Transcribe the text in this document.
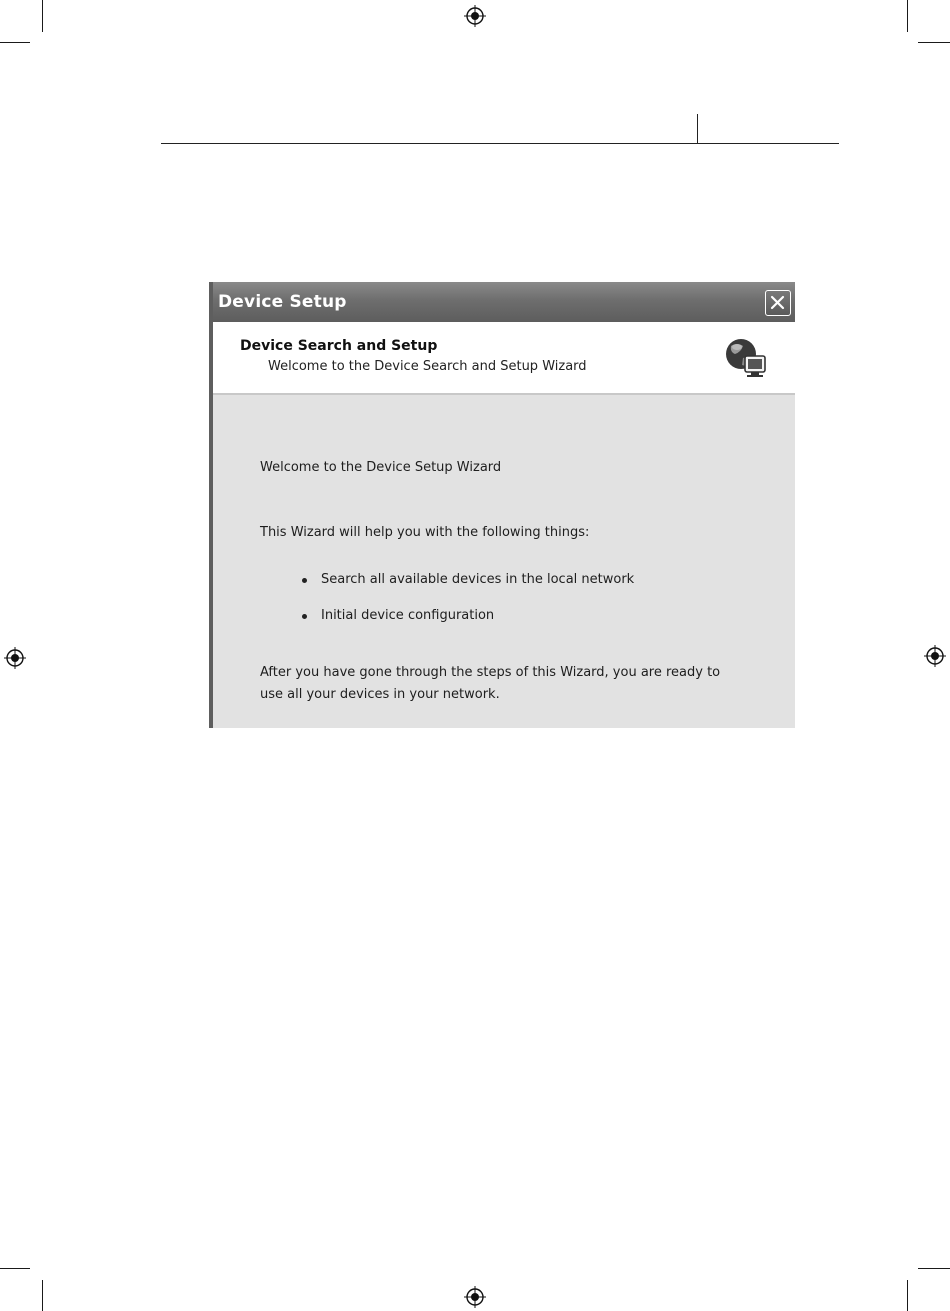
Device Setup
Device Search and Setup
Welcome to the Device Search and Setup Wizard
Welcome to the Device Setup Wizard
This Wizard will help you with the following things:
Search all available devices in the local network
Initial device configuration
After you have gone through the steps of this Wizard, you are ready to
use all your devices in your network.
